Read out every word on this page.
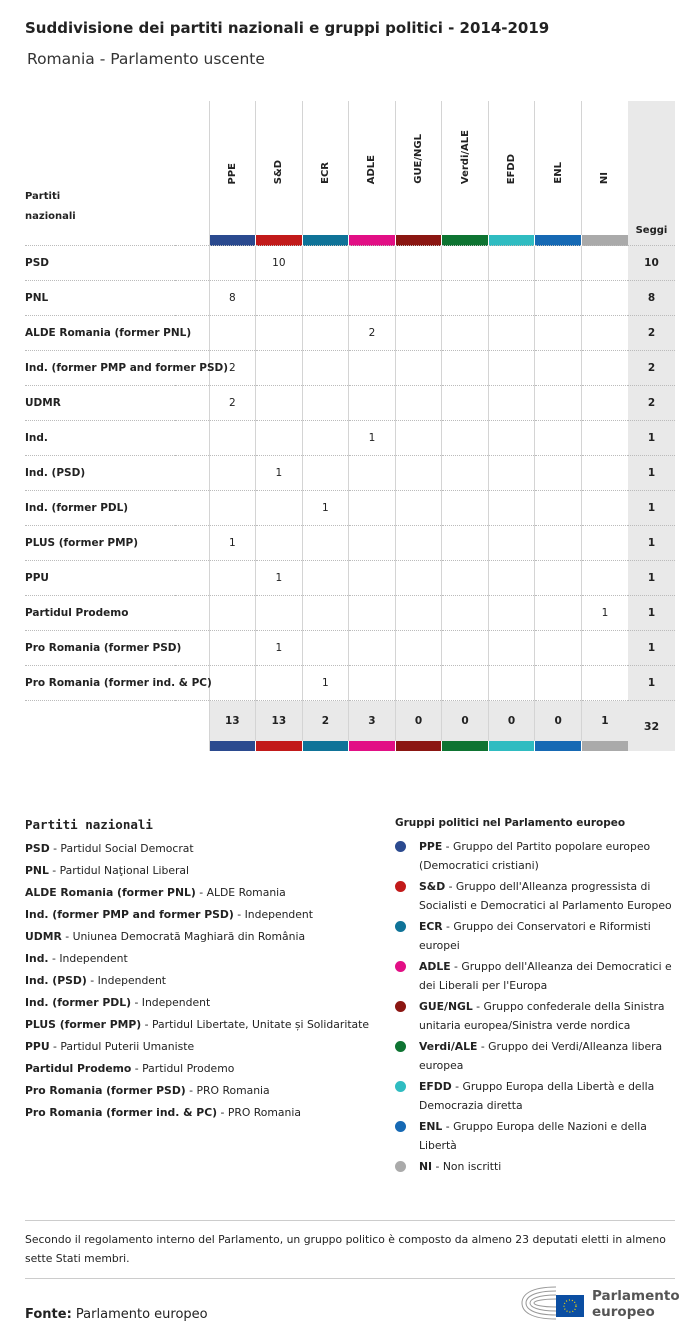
Suddivisione dei partiti nazionali e gruppi politici - 2014-2019
Romania - Parlamento uscente
Partiti nazionali		PPE	S&D	ECR	ADLE	GUE/NGL	Verdi/ALE	EFDD	ENL	NI	Seggi

PSD			10								10
PNL		8									8
ALDE Romania (former PNL)					2						2
Ind. (former PMP and former PSD)		2									2
UDMR		2									2
Ind.					1						1
Ind. (PSD)			1								1
Ind. (former PDL)				1							1
PLUS (former PMP)		1									1
PPU			1								1
Partidul Prodemo										1	1
Pro Romania (former PSD)			1								1
Pro Romania (former ind. & PC)				1							1
		13	13	2	3	0	0	0	0	1	32

Partiti nazionali
PSD - Partidul Social Democrat
PNL - Partidul Naţional Liberal
ALDE Romania (former PNL) - ALDE Romania
Ind. (former PMP and former PSD) - Independent
UDMR - Uniunea Democrată Maghiară din România
Ind. - Independent
Ind. (PSD) - Independent
Ind. (former PDL) - Independent
PLUS (former PMP) - Partidul Libertate, Unitate și Solidaritate
PPU - Partidul Puterii Umaniste
Partidul Prodemo - Partidul Prodemo
Pro Romania (former PSD) - PRO Romania
Pro Romania (former ind. & PC) - PRO Romania
Gruppi politici nel Parlamento europeo
PPE - Gruppo del Partito popolare europeo (Democratici cristiani)
S&D - Gruppo dell'Alleanza progressista di Socialisti e Democratici al Parlamento Europeo
ECR - Gruppo dei Conservatori e Riformisti europei
ADLE - Gruppo dell'Alleanza dei Democratici e dei Liberali per l'Europa
GUE/NGL - Gruppo confederale della Sinistra unitaria europea/Sinistra verde nordica
Verdi/ALE - Gruppo dei Verdi/Alleanza libera europea
EFDD - Gruppo Europa della Libertà e della Democrazia diretta
ENL - Gruppo Europa delle Nazioni e della Libertà
NI - Non iscritti
Secondo il regolamento interno del Parlamento, un gruppo politico è composto da almeno 23 deputati eletti in almeno sette Stati membri.
Fonte: Parlamento europeo
Parlamento
europeo
